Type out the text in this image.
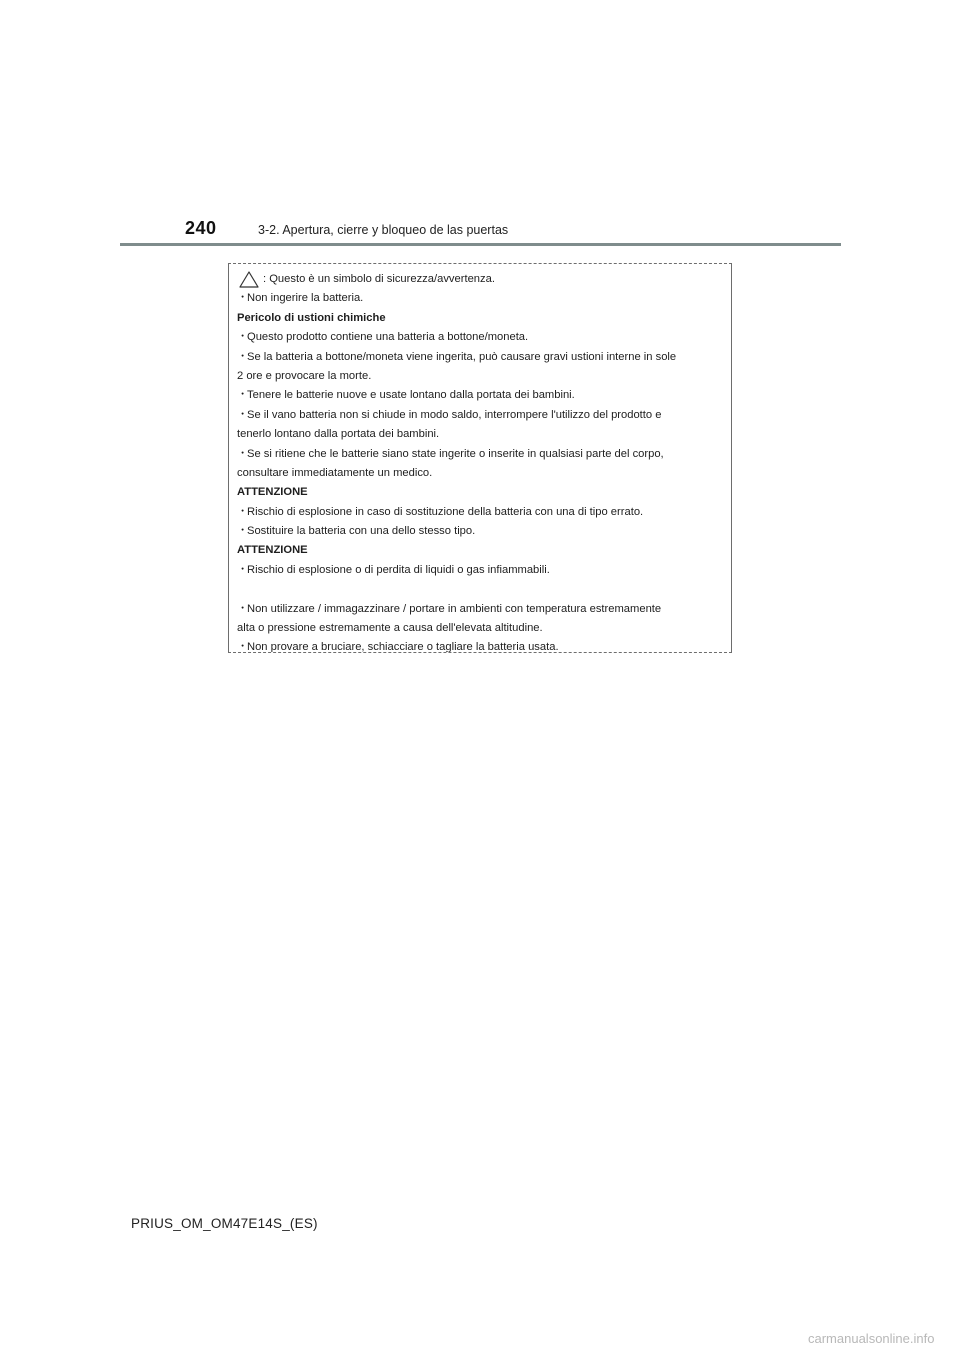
240	3-2. Apertura, cierre y bloqueo de las puertas
: Questo è un simbolo di sicurezza/avvertenza.
・Non ingerire la batteria.
Pericolo di ustioni chimiche
・Questo prodotto contiene una batteria a bottone/moneta.
・Se la batteria a bottone/moneta viene ingerita, può causare gravi ustioni interne in sole
2 ore e provocare la morte.
・Tenere le batterie nuove e usate lontano dalla portata dei bambini.
・Se il vano batteria non si chiude in modo saldo, interrompere l'utilizzo del prodotto e
tenerlo lontano dalla portata dei bambini.
・Se si ritiene che le batterie siano state ingerite o inserite in qualsiasi parte del corpo,
consultare immediatamente un medico.
ATTENZIONE
・Rischio di esplosione in caso di sostituzione della batteria con una di tipo errato.
・Sostituire la batteria con una dello stesso tipo.
ATTENZIONE
・Rischio di esplosione o di perdita di liquidi o gas infiammabili.
・Non utilizzare / immagazzinare / portare in ambienti con temperatura estremamente
alta o pressione estremamente a causa dell'elevata altitudine.
・Non provare a bruciare, schiacciare o tagliare la batteria usata.
PRIUS_OM_OM47E14S_(ES)
carmanualsonline.info
